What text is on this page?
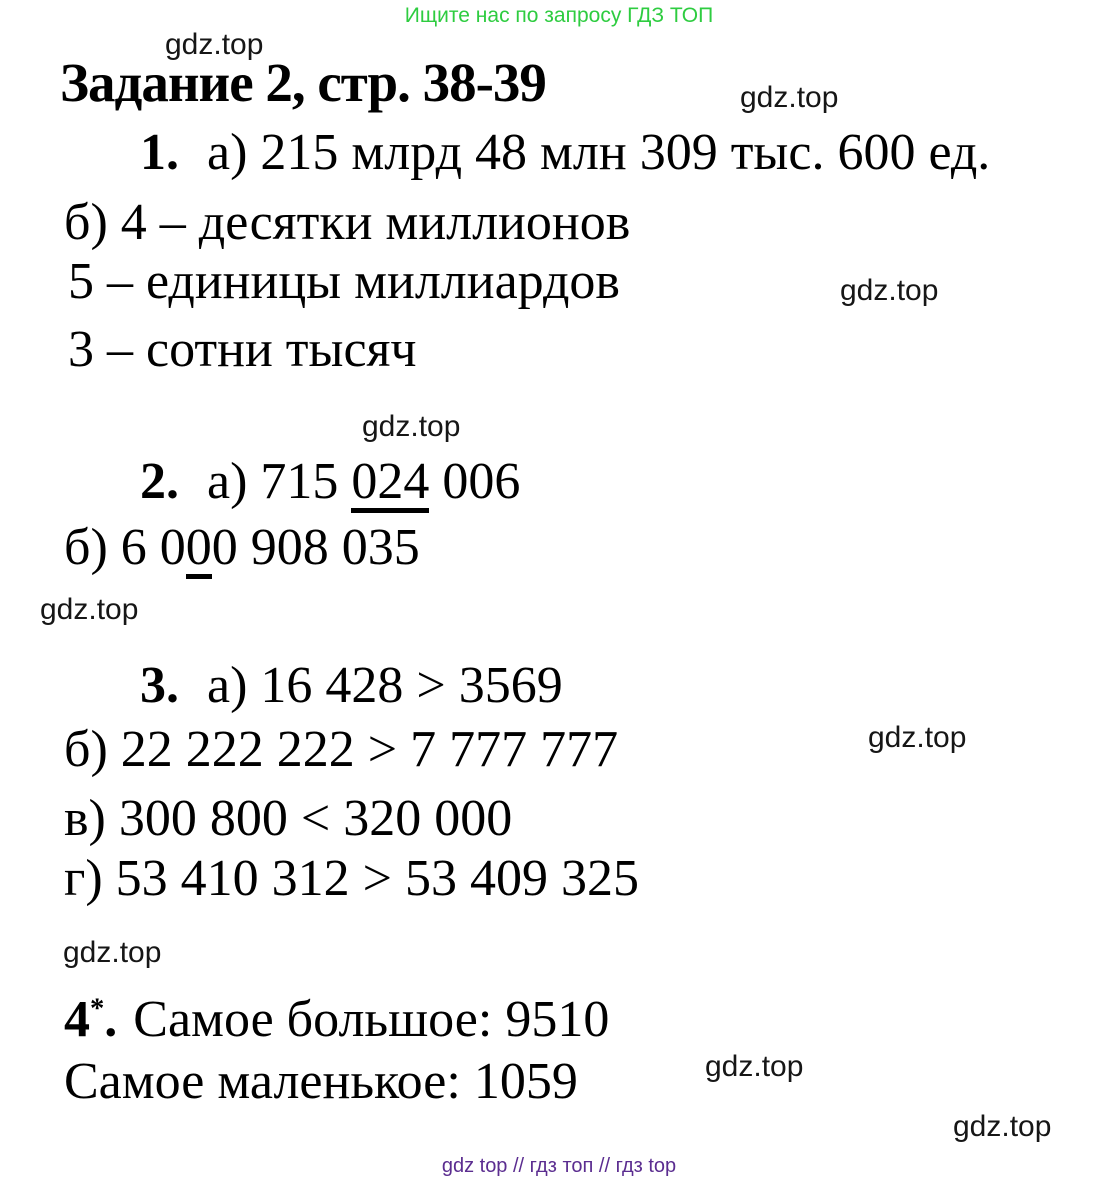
Ищите нас по запросу ГДЗ ТОП
gdz.top
gdz.top
gdz.top
gdz.top
gdz.top
gdz.top
gdz.top
gdz.top
gdz.top
Задание 2, стр. 38-39
1. а) 215 млрд 48 млн 309 тыс. 600 ед.
б) 4 – десятки миллионов
5 – единицы миллиардов
3 – сотни тысяч
2. а) 715 024 006
б) 6 000 908 035
3. а) 16 428 > 3569
б) 22 222 222 > 7 777 777
в) 300 800 < 320 000
г) 53 410 312 > 53 409 325
4*. Самое большое: 9510
Самое маленькое: 1059
gdz top // гдз топ // гдз top
